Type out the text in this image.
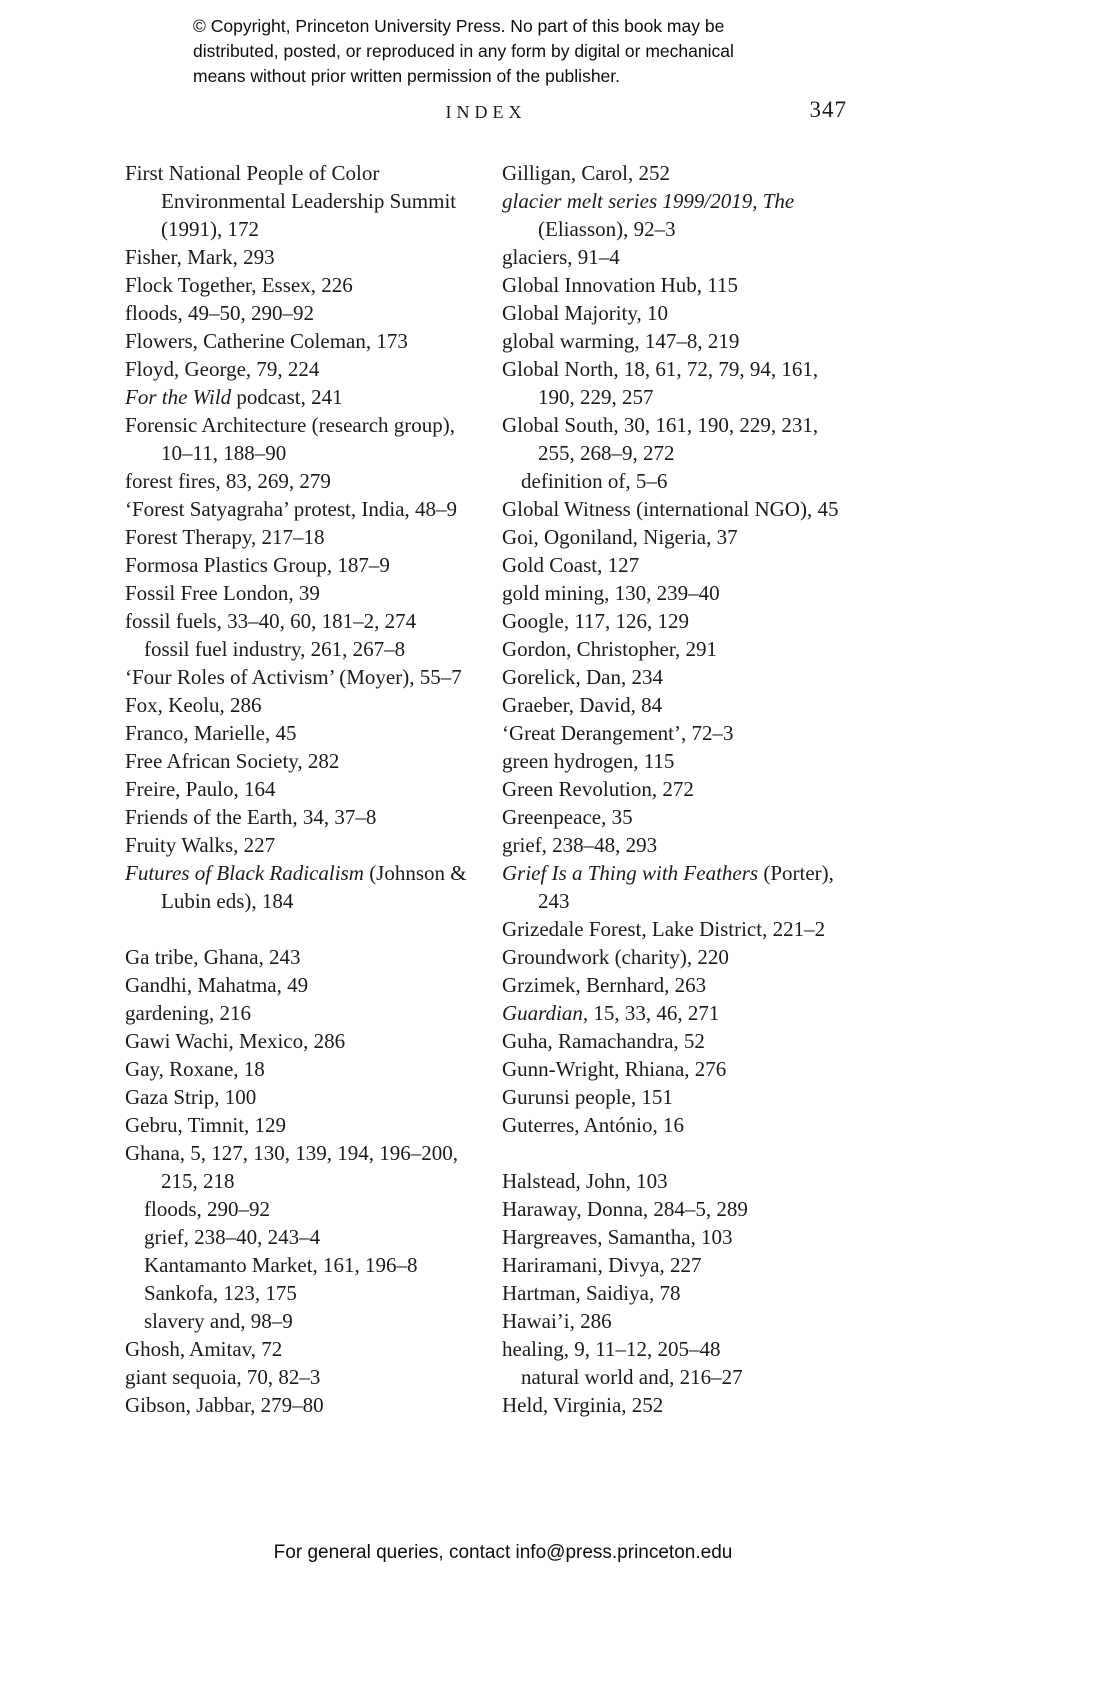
© Copyright, Princeton University Press. No part of this book may be
distributed, posted, or reproduced in any form by digital or mechanical
means without prior written permission of the publisher.
INDEX	347
First National People of Color Environmental Leadership Summit (1991), 172
Fisher, Mark, 293
Flock Together, Essex, 226
floods, 49–50, 290–92
Flowers, Catherine Coleman, 173
Floyd, George, 79, 224
For the Wild podcast, 241
Forensic Architecture (research group), 10–11, 188–90
forest fires, 83, 269, 279
‘Forest Satyagraha’ protest, India, 48–9
Forest Therapy, 217–18
Formosa Plastics Group, 187–9
Fossil Free London, 39
fossil fuels, 33–40, 60, 181–2, 274
fossil fuel industry, 261, 267–8
‘Four Roles of Activism’ (Moyer), 55–7
Fox, Keolu, 286
Franco, Marielle, 45
Free African Society, 282
Freire, Paulo, 164
Friends of the Earth, 34, 37–8
Fruity Walks, 227
Futures of Black Radicalism (Johnson & Lubin eds), 184
Ga tribe, Ghana, 243
Gandhi, Mahatma, 49
gardening, 216
Gawi Wachi, Mexico, 286
Gay, Roxane, 18
Gaza Strip, 100
Gebru, Timnit, 129
Ghana, 5, 127, 130, 139, 194, 196–200, 215, 218
floods, 290–92
grief, 238–40, 243–4
Kantamanto Market, 161, 196–8
Sankofa, 123, 175
slavery and, 98–9
Ghosh, Amitav, 72
giant sequoia, 70, 82–3
Gibson, Jabbar, 279–80
Gilligan, Carol, 252
glacier melt series 1999/2019, The (Eliasson), 92–3
glaciers, 91–4
Global Innovation Hub, 115
Global Majority, 10
global warming, 147–8, 219
Global North, 18, 61, 72, 79, 94, 161, 190, 229, 257
Global South, 30, 161, 190, 229, 231, 255, 268–9, 272
definition of, 5–6
Global Witness (international NGO), 45
Goi, Ogoniland, Nigeria, 37
Gold Coast, 127
gold mining, 130, 239–40
Google, 117, 126, 129
Gordon, Christopher, 291
Gorelick, Dan, 234
Graeber, David, 84
‘Great Derangement’, 72–3
green hydrogen, 115
Green Revolution, 272
Greenpeace, 35
grief, 238–48, 293
Grief Is a Thing with Feathers (Porter), 243
Grizedale Forest, Lake District, 221–2
Groundwork (charity), 220
Grzimek, Bernhard, 263
Guardian, 15, 33, 46, 271
Guha, Ramachandra, 52
Gunn-Wright, Rhiana, 276
Gurunsi people, 151
Guterres, António, 16
Halstead, John, 103
Haraway, Donna, 284–5, 289
Hargreaves, Samantha, 103
Hariramani, Divya, 227
Hartman, Saidiya, 78
Hawai’i, 286
healing, 9, 11–12, 205–48
natural world and, 216–27
Held, Virginia, 252
For general queries, contact info@press.princeton.edu
